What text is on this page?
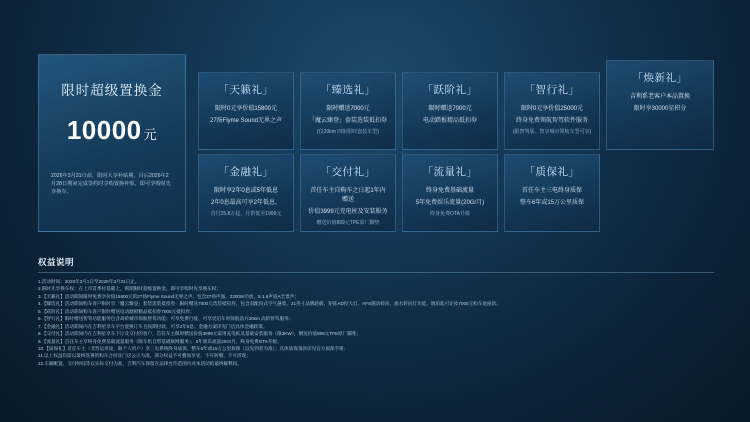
限时超级置换金
10000 元
2026年3月31日前，限时大享补贴期，目后2026年2月28日期间完成签约时享购置换补贴，即可享购时先享换车。
「天籁礼」
限时0元享价值15800元
27扬Flyme Sound无界之声
「臻选礼」
限时赠送7000元
「魔云臻登」套装选装抵扣券
(仅20km 四驱限时套装车型)
「跃阶礼」
限时赠送7000元
电动踏板精品抵扣券
「智行礼」
限时0元享价值25000元
终身免费领航智驾软件服务
(限智驾版、智享城市领航车型可享)
「焕新礼」
吉利系老客户本品置换
限时享30000星积分
「金融礼」
限时享2年0息或5年低息
2年0息最高可享2年低息，
首付25.8万起，月供低至1999元
「交付礼」
首任车主自购车之日起1年内赠送
价值3999元充电桩及安装服务
赠送价值899元TPE原厂脚垫
「流量礼」
终身免费基础流量
5年免费娱乐流量(20G/月)
终身免费OTA升级
「质保礼」
首任车主三电终身质保
整车6年或15万公里质保
权益说明
1.活动时间：2026年3月1日至2026年3月31日止。
2.限时先享换车权：在上市首季付基础上，锁期限时超级置换金，即可享购时先享换车权；
3.【天籁礼】活动期间限时免费享价值15600元的27扬Flyme Sound无界之声，包含27扬声器、2300W功放、5.1.6声道A全景声；
4.【臻选礼】活动期间购车客户限时享「魔云臻登」套装选装抵扣券：限时赠送7000元选装抵扣券，包含双配向式空气悬架、21英寸品牌轮毂、矩阵AD投大灯、AFS随动转向、流水转向灯功能、琥珀匙可定妆7000元购车尾座款；
5.【跃阶礼】活动期间购车客户限时赠送电动踏板精品抵扣券7000元抵扣券；
6.【智行礼】限时赠送智驾功能服务包含高阶城市领航智驾功能；可享免费行驶、可享受泊车时领航前方30km 高阶智驾服务；
7.【金融礼】活动期间内在吉利星享车平台置换订车且按期付款，可享2年0息；金融方案详见门店具体金融政策。
8.【交付礼】活动期间内在吉利星享车下订及交付的客户，首任车主限时赠送价值3999元家用充电桩及基础安装服务（限3KW），赠送价值899元TPE原厂脚垫；
9.【流量礼】首任车主享终身免费基础流量服务（限车机自带基础联网服务），5年娱乐流量20G/月，终身免费OTA升级；
10.【质保礼】首任车主（非营运用途，限个人用户）享三电系统终身质保，整车6年或15万公里质保（以先到者为准）；具体质保条款详见官方质保手册；
11.以上权益均需以最终签署的购车合同及门店公示为准，部分权益不可叠加享受，不可转赠、不可折现；
12.车辆配置、交付时间等以实际交付为准，吉利汽车保留在法律允许范围内对本活动的最终解释权。
